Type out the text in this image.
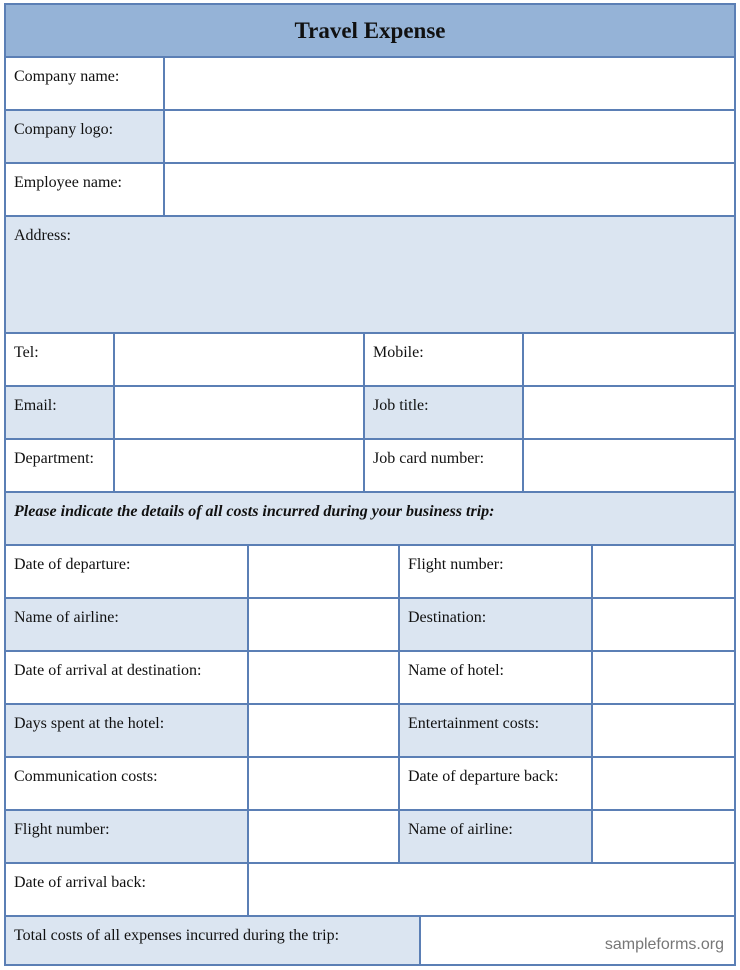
Travel Expense
Company name:
Company logo:
Employee name:
Address:
Tel:	Mobile:
Email:	Job title:
Department:	Job card number:
Please indicate the details of all costs incurred during your business trip:
Date of departure:	Flight number:
Name of airline:	Destination:
Date of arrival at destination:	Name of hotel:
Days spent at the hotel:	Entertainment costs:
Communication costs:	Date of departure back:
Flight number:	Name of airline:
Date of arrival back:
Total costs of all expenses incurred during the trip:
sampleforms.org
